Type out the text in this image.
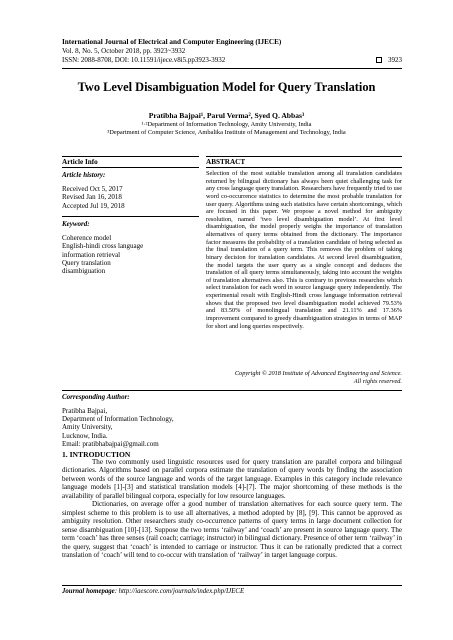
International Journal of Electrical and Computer Engineering (IJECE)
Vol. 8, No. 5, October 2018, pp. 3923~3932
ISSN: 2088-8708, DOI: 10.11591/ijece.v8i5.pp3923-3932	3923
Two Level Disambiguation Model for Query Translation
Pratibha Bajpai¹, Parul Verma², Syed Q. Abbas³
¹·²Department of Information Technology, Amity University, India
³Department of Computer Science, Ambalika Institute of Management and Technology, India
Article Info
Article history:
Received Oct 5, 2017
Revised Jan 16, 2018
Accepted Jul 19, 2018
Keyword:
Coherence model
English-hindi cross language
information retrieval
Query translation
disambiguation
ABSTRACT
Selection of the most suitable translation among all translation candidates returned by bilingual dictionary has always been quiet challenging task for any cross language query translation. Researchers have frequently tried to use word co-occurrence statistics to determine the most probable translation for user query. Algorithms using such statistics have certain shortcomings, which are focused in this paper. We propose a novel method for ambiguity resolution, named ‘two level disambiguation model’. At first level disambiguation, the model properly weighs the importance of translation alternatives of query terms obtained from the dictionary. The importance factor measures the probability of a translation candidate of being selected as the final translation of a query term. This removes the problem of taking binary decision for translation candidates. At second level disambiguation, the model targets the user query as a single concept and deduces the translation of all query terms simultaneously, taking into account the weights of translation alternatives also. This is contrary to previous researches which select translation for each word in source language query independently. The experimental result with English-Hindi cross language information retrieval shows that the proposed two level disambiguation model achieved 79.53% and 83.50% of monolingual translation and 21.11% and 17.36% improvement compared to greedy disambiguation strategies in terms of MAP for short and long queries respectively.
Copyright © 2018 Institute of Advanced Engineering and Science.
All rights reserved.
Corresponding Author:
Pratibha Bajpai,
Department of Information Technology,
Amity University,
Lucknow, India.
Email: pratibhabajpai@gmail.com
1. INTRODUCTION

The two commonly used linguistic resources used for query translation are parallel corpora and bilingual dictionaries. Algorithms based on parallel corpora estimate the translation of query words by finding the association between words of the source language and words of the target language. Examples in this category include relevance language models [1]-[3] and statistical translation models [4]-[7]. The major shortcoming of these methods is the availability of parallel bilingual corpora, especially for low resource languages.

Dictionaries, on average offer a good number of translation alternatives for each source query term. The simplest scheme to this problem is to use all alternatives, a method adopted by [8], [9]. This cannot be approved as ambiguity resolution. Other researchers study co-occurrence patterns of query terms in large document collection for sense disambiguation [10]-[13]. Suppose the two terms ‘railway’ and ‘coach’ are present in source language query. The term ‘coach’ has three senses (rail coach; carriage; instructor) in bilingual dictionary. Presence of other term ‘railway’ in the query, suggest that ‘coach’ is intended to carriage or instructor. Thus it can be rationally predicted that a correct translation of ‘coach’ will tend to co-occur with translation of ‘railway’ in target language corpus.

Journal homepage: http://iaescore.com/journals/index.php/IJECE
